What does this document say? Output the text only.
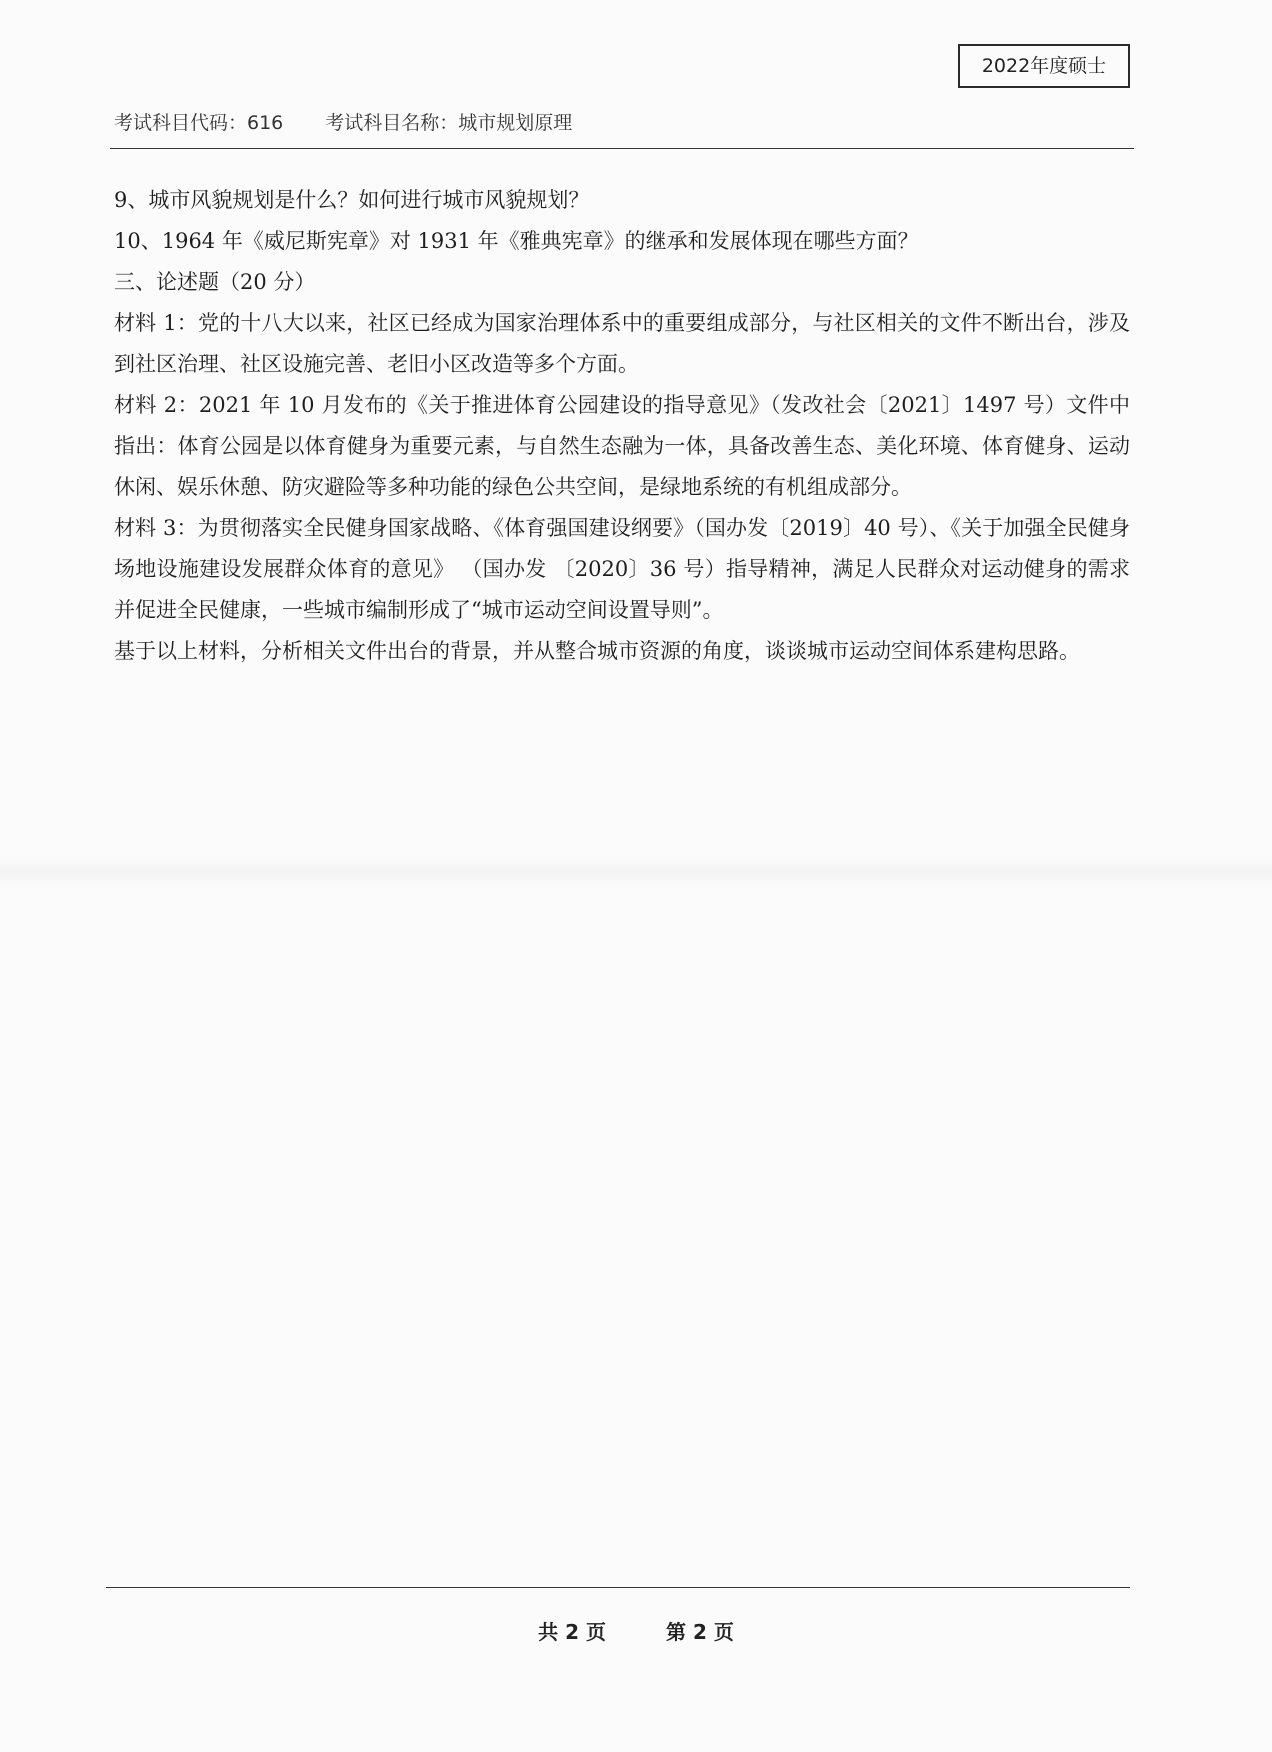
2022年度硕士
考试科目代码：616 考试科目名称：城市规划原理

9、城市风貌规划是什么？如何进行城市风貌规划？

10、1964 年《威尼斯宪章》对 1931 年《雅典宪章》的继承和发展体现在哪些方面？

三、论述题（20 分）

材料 1：党的十八大以来，社区已经成为国家治理体系中的重要组成部分，与社区相关的文件不断出台，涉及到社区治理、社区设施完善、老旧小区改造等多个方面。

材料 2：2021 年 10 月发布的《关于推进体育公园建设的指导意见》（发改社会〔2021〕1497 号）文件中指出：体育公园是以体育健身为重要元素，与自然生态融为一体，具备改善生态、美化环境、体育健身、运动休闲、娱乐休憩、防灾避险等多种功能的绿色公共空间，是绿地系统的有机组成部分。

材料 3：为贯彻落实全民健身国家战略、《体育强国建设纲要》（国办发〔2019〕40 号）、《关于加强全民健身场地设施建设发展群众体育的意见》 （国办发 〔2020〕36 号）指导精神，满足人民群众对运动健身的需求并促进全民健康，一些城市编制形成了“城市运动空间设置导则”。

基于以上材料，分析相关文件出台的背景，并从整合城市资源的角度，谈谈城市运动空间体系建构思路。

共 2 页	第 2 页
